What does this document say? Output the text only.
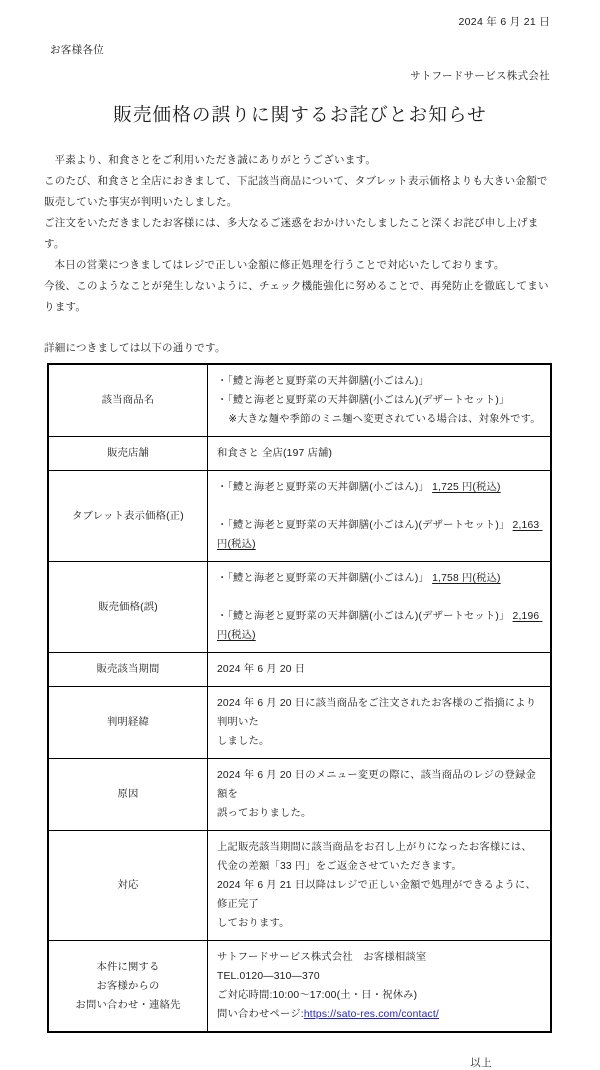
2024 年 6 月 21 日
お客様各位
サトフードサービス株式会社
販売価格の誤りに関するお詫びとお知らせ

平素より、和食さとをご利用いただき誠にありがとうございます。

このたび、和食さと全店におきまして、下記該当商品について、タブレット表示価格よりも大きい金額で販売していた事実が判明いたしました。

ご注文をいただきましたお客様には、多大なるご迷惑をおかけいたしましたこと深くお詫び申し上げます。

本日の営業につきましてはレジで正しい金額に修正処理を行うことで対応いたしております。

今後、このようなことが発生しないように、チェック機能強化に努めることで、再発防止を徹底してまいります。

詳細につきましては以下の通りです。
該当商品名	・「鱧と海老と夏野菜の天丼御膳(小ごはん)」
・「鱧と海老と夏野菜の天丼御膳(小ごはん)(デザートセット)」
※大きな麺や季節のミニ麺へ変更されている場合は、対象外です。

販売店舗	和食さと 全店(197 店舗)

タブレット表示価格(正)	・「鱧と海老と夏野菜の天丼御膳(小ごはん)」 1,725 円(税込)
・「鱧と海老と夏野菜の天丼御膳(小ごはん)(デザートセット)」 2,163 円(税込)

販売価格(誤)	・「鱧と海老と夏野菜の天丼御膳(小ごはん)」 1,758 円(税込)
・「鱧と海老と夏野菜の天丼御膳(小ごはん)(デザートセット)」 2,196 円(税込)

販売該当期間	2024 年 6 月 20 日

判明経緯	2024 年 6 月 20 日に該当商品をご注文されたお客様のご指摘により判明いた
しました。

原因	2024 年 6 月 20 日のメニュー変更の際に、該当商品のレジの登録金額を
誤っておりました。

対応	上記販売該当期間に該当商品をお召し上がりになったお客様には、
代金の差額「33 円」をご返金させていただきます。
2024 年 6 月 21 日以降はレジで正しい金額で処理ができるように、修正完了
しております。

本件に関する
お客様からの
お問い合わせ・連絡先	サトフードサービス株式会社　お客様相談室
TEL.0120—310—370
ご対応時間:10:00〜17:00(土・日・祝休み)
問い合わせページ:https://sato-res.com/contact/
以上
